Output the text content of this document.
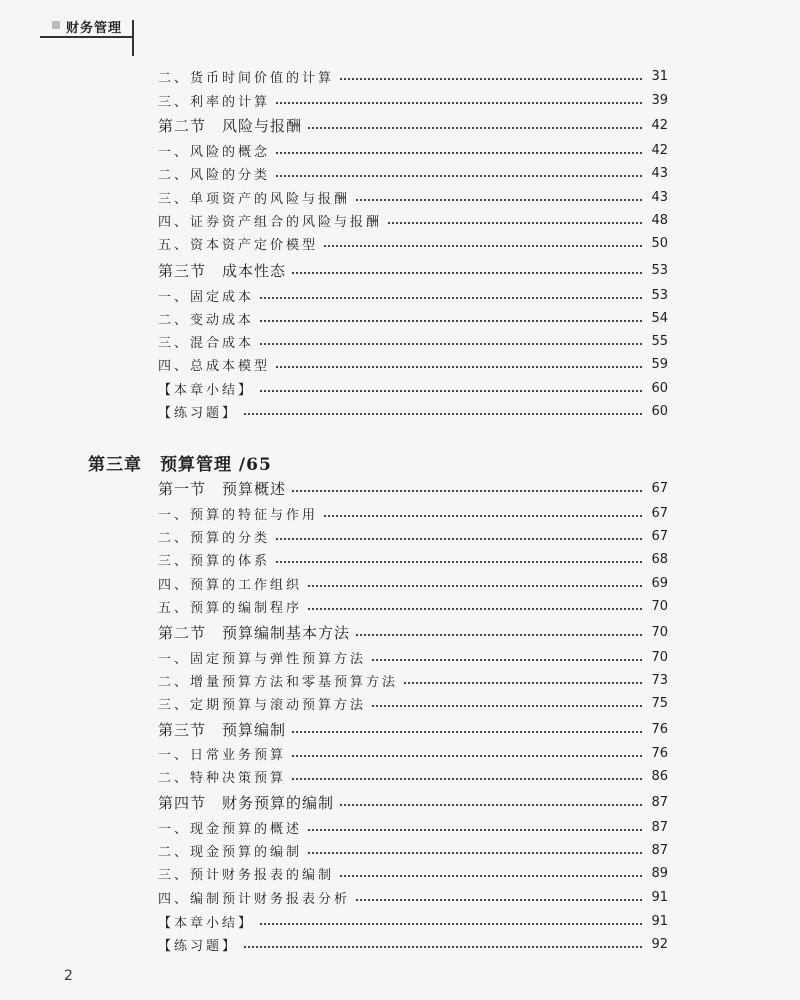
财务管理
二、货币时间价值的计算	31
三、利率的计算	39
第二节　风险与报酬	42
一、风险的概念	42
二、风险的分类	43
三、单项资产的风险与报酬	43
四、证券资产组合的风险与报酬	48
五、资本资产定价模型	50
第三节　成本性态	53
一、固定成本	53
二、变动成本	54
三、混合成本	55
四、总成本模型	59
【本章小结】	60
【练习题】	60
第三章　预算管理 /65
第一节　预算概述	67
一、预算的特征与作用	67
二、预算的分类	67
三、预算的体系	68
四、预算的工作组织	69
五、预算的编制程序	70
第二节　预算编制基本方法	70
一、固定预算与弹性预算方法	70
二、增量预算方法和零基预算方法	73
三、定期预算与滚动预算方法	75
第三节　预算编制	76
一、日常业务预算	76
二、特种决策预算	86
第四节　财务预算的编制	87
一、现金预算的概述	87
二、现金预算的编制	87
三、预计财务报表的编制	89
四、编制预计财务报表分析	91
【本章小结】	91
【练习题】	92
2
